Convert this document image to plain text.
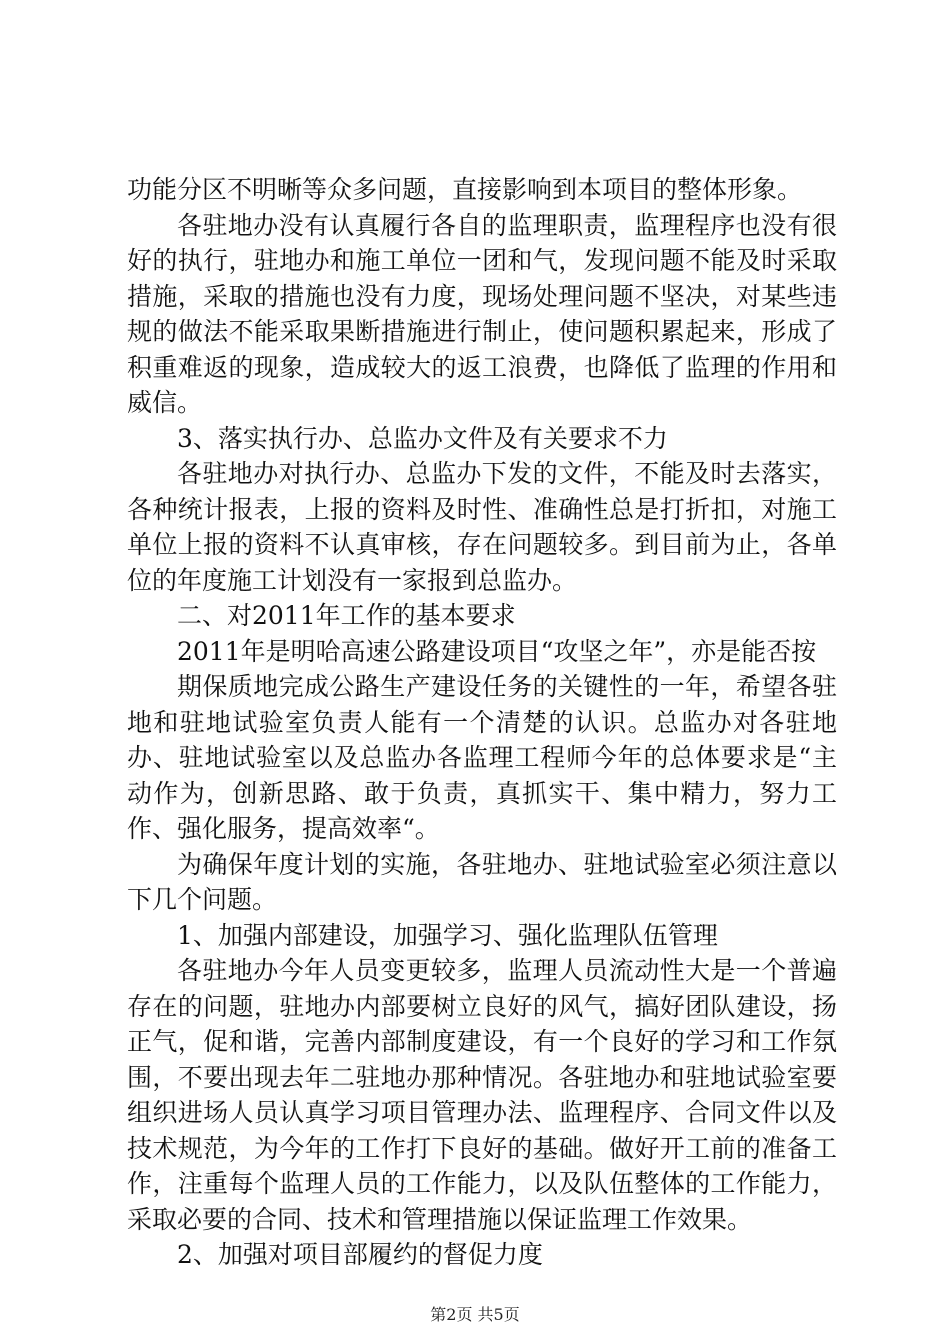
功能分区不明晰等众多问题，直接影响到本项目的整体形象。

各驻地办没有认真履行各自的监理职责，监理程序也没有很好的执行，驻地办和施工单位一团和气，发现问题不能及时采取措施，采取的措施也没有力度，现场处理问题不坚决，对某些违规的做法不能采取果断措施进行制止，使问题积累起来，形成了积重难返的现象，造成较大的返工浪费，也降低了监理的作用和威信。

3、落实执行办、总监办文件及有关要求不力

各驻地办对执行办、总监办下发的文件，不能及时去落实，各种统计报表，上报的资料及时性、准确性总是打折扣，对施工单位上报的资料不认真审核，存在问题较多。到目前为止，各单位的年度施工计划没有一家报到总监办。

二、对2011年工作的基本要求

2011年是明哈高速公路建设项目“攻坚之年”，亦是能否按

期保质地完成公路生产建设任务的关键性的一年，希望各驻地和驻地试验室负责人能有一个清楚的认识。总监办对各驻地办、驻地试验室以及总监办各监理工程师今年的总体要求是“主动作为，创新思路、敢于负责，真抓实干、集中精力，努力工作、强化服务，提高效率“。

为确保年度计划的实施，各驻地办、驻地试验室必须注意以下几个问题。

1、加强内部建设，加强学习、强化监理队伍管理

各驻地办今年人员变更较多，监理人员流动性大是一个普遍存在的问题，驻地办内部要树立良好的风气，搞好团队建设，扬正气，促和谐，完善内部制度建设，有一个良好的学习和工作氛围，不要出现去年二驻地办那种情况。各驻地办和驻地试验室要组织进场人员认真学习项目管理办法、监理程序、合同文件以及技术规范，为今年的工作打下良好的基础。做好开工前的准备工作，注重每个监理人员的工作能力，以及队伍整体的工作能力，采取必要的合同、技术和管理措施以保证监理工作效果。

2、加强对项目部履约的督促力度

第2页 共5页
